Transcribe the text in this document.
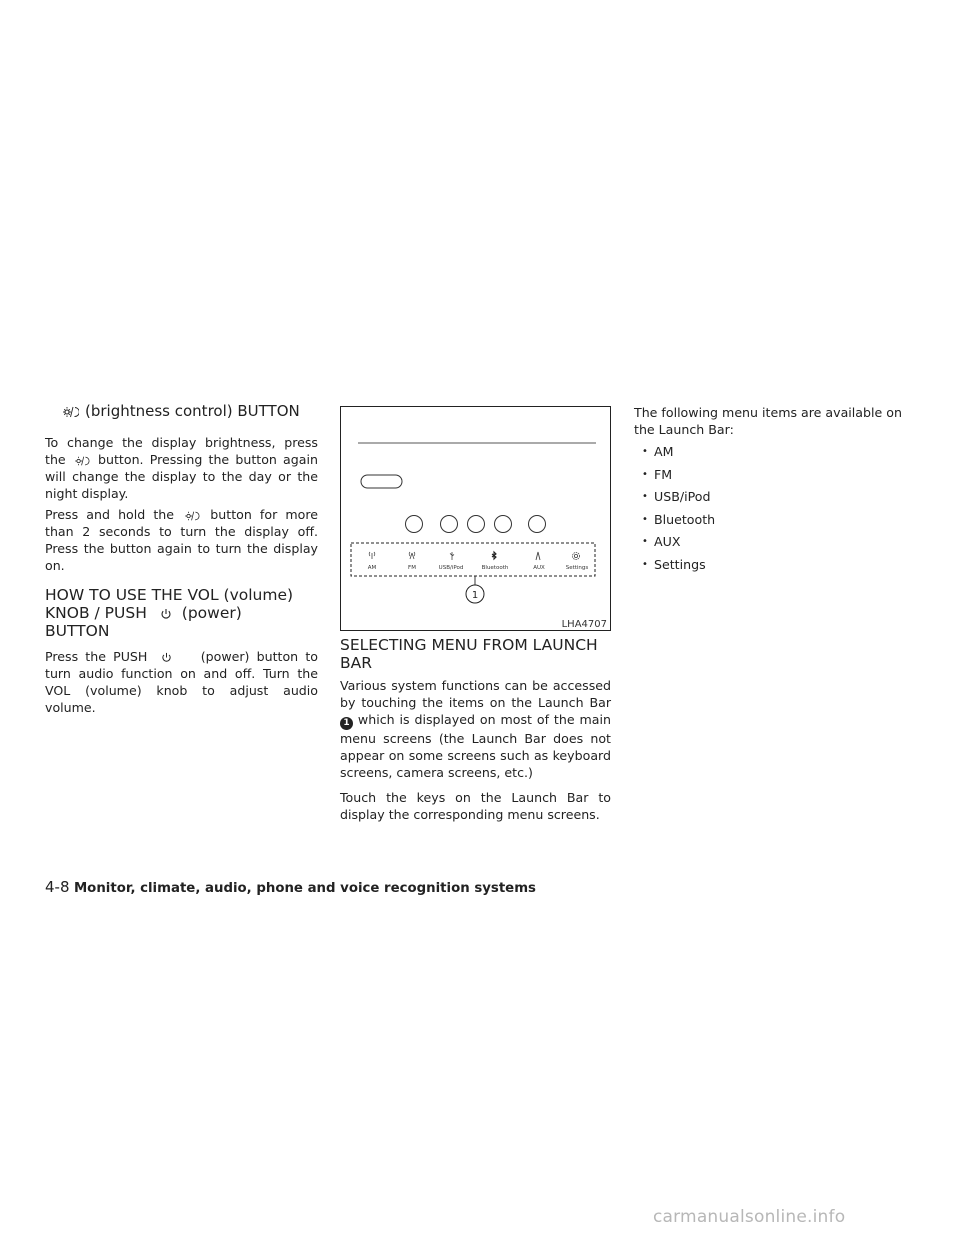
(brightness control) BUTTON

To change the display brightness, press the	button. Pressing the button again will change the display to the day or the night display.

Press and hold the	button for more than 2 seconds to turn the display off. Press the button again to turn the display on.

HOW TO USE THE VOL (volume)
KNOB / PUSH (power)
BUTTON

Press the PUSH	(power) button to turn audio function on and off. Turn the VOL (volume) knob to adjust audio volume.

AM	FM	USB/iPod	Bluetooth	AUX	Settings
1
LHA4707
SELECTING MENU FROM LAUNCH
BAR

Various system functions can be accessed by touching the items on the Launch Bar 1 which is displayed on most of the main menu screens (the Launch Bar does not appear on some screens such as keyboard screens, camera screens, etc.)

Touch the keys on the Launch Bar to display the corresponding menu screens.

The following menu items are available on the Launch Bar:

• AM
• FM
• USB/iPod
• Bluetooth
• AUX
• Settings
4-8 Monitor, climate, audio, phone and voice recognition systems
carmanualsonline.info
